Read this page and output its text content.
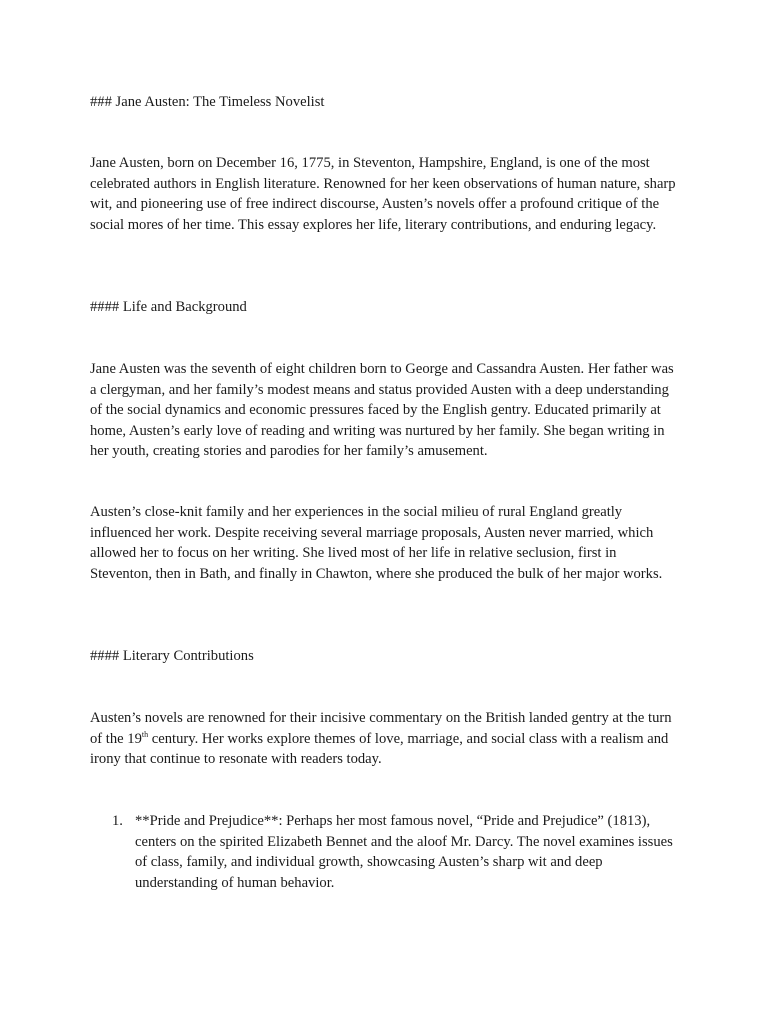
### Jane Austen: The Timeless Novelist

Jane Austen, born on December 16, 1775, in Steventon, Hampshire, England, is one of the most celebrated authors in English literature. Renowned for her keen observations of human nature, sharp wit, and pioneering use of free indirect discourse, Austen’s novels offer a profound critique of the social mores of her time. This essay explores her life, literary contributions, and enduring legacy.

#### Life and Background

Jane Austen was the seventh of eight children born to George and Cassandra Austen. Her father was a clergyman, and her family’s modest means and status provided Austen with a deep understanding of the social dynamics and economic pressures faced by the English gentry. Educated primarily at home, Austen’s early love of reading and writing was nurtured by her family. She began writing in her youth, creating stories and parodies for her family’s amusement.

Austen’s close-knit family and her experiences in the social milieu of rural England greatly influenced her work. Despite receiving several marriage proposals, Austen never married, which allowed her to focus on her writing. She lived most of her life in relative seclusion, first in Steventon, then in Bath, and finally in Chawton, where she produced the bulk of her major works.

#### Literary Contributions

Austen’s novels are renowned for their incisive commentary on the British landed gentry at the turn of the 19th century. Her works explore themes of love, marriage, and social class with a realism and irony that continue to resonate with readers today.

1. **Pride and Prejudice**: Perhaps her most famous novel, “Pride and Prejudice” (1813), centers on the spirited Elizabeth Bennet and the aloof Mr. Darcy. The novel examines issues of class, family, and individual growth, showcasing Austen’s sharp wit and deep understanding of human behavior.
